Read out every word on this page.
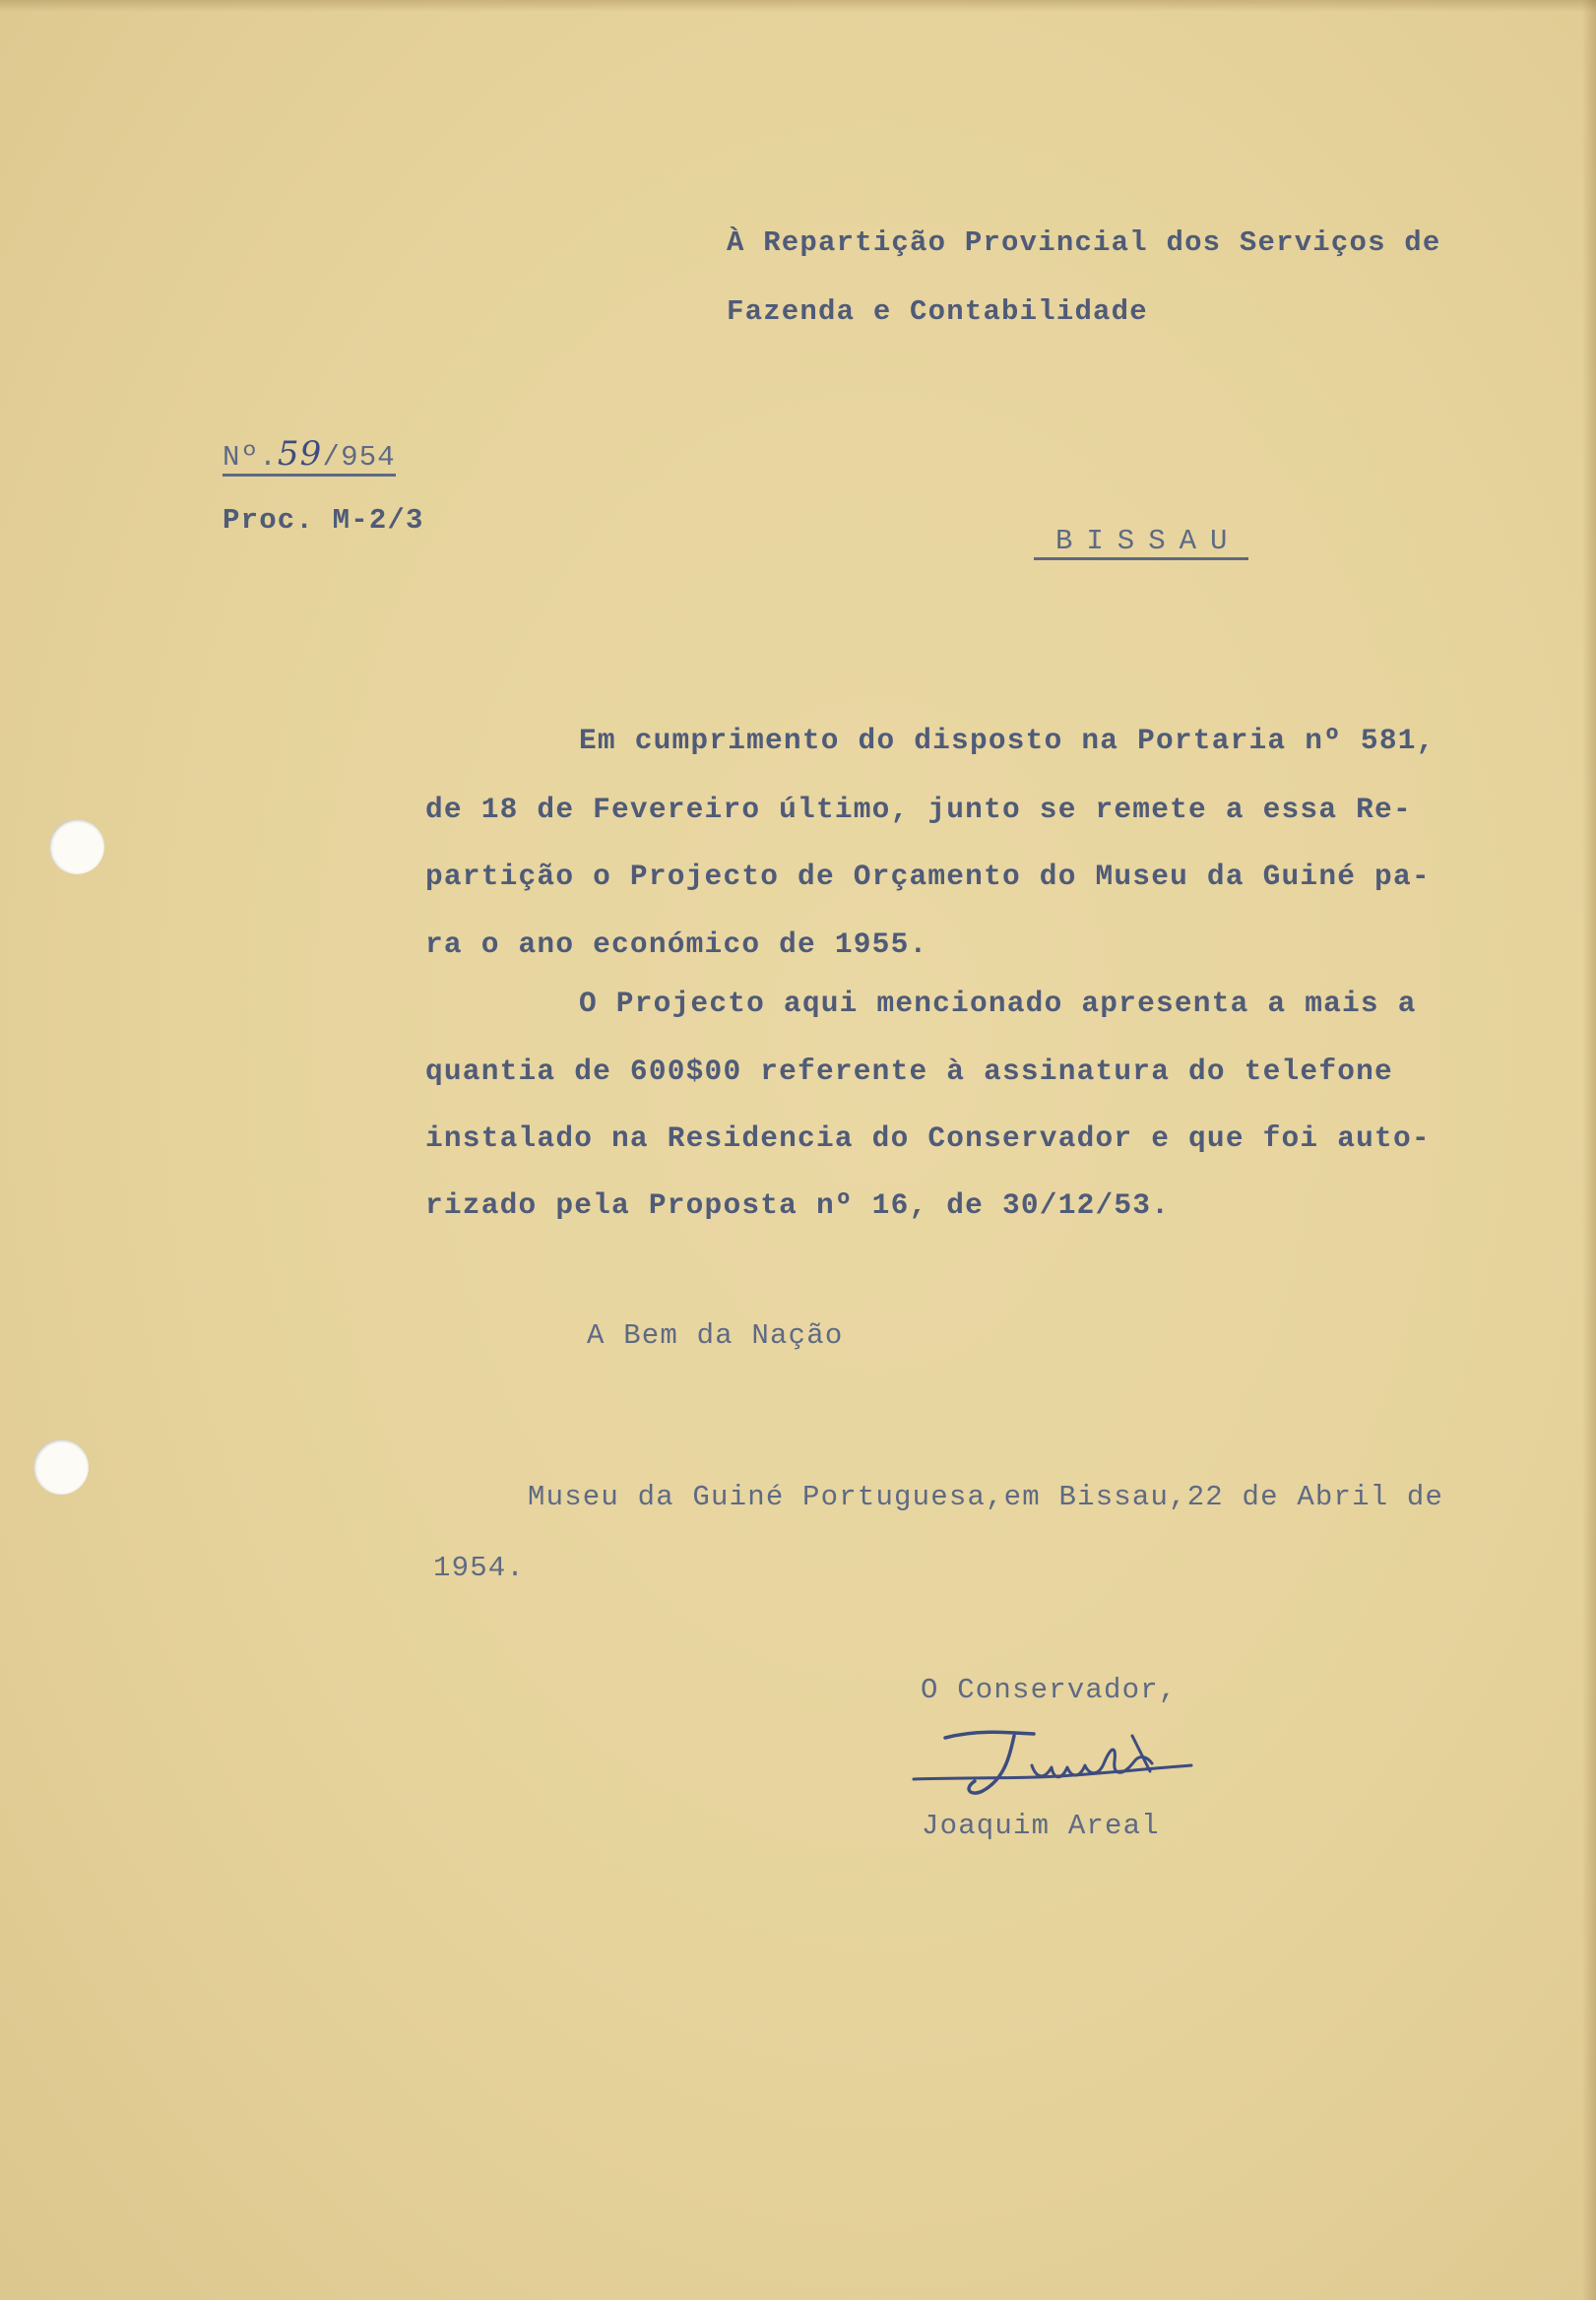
À Repartição Provincial dos Serviços de
Fazenda e Contabilidade
Nº.59/954
Proc. M-2/3
BISSAU
Em cumprimento do disposto na Portaria nº 581,
de 18 de Fevereiro último, junto se remete a essa Re-
partição o Projecto de Orçamento do Museu da Guiné pa-
ra o ano económico de 1955.
O Projecto aqui mencionado apresenta a mais a
quantia de 600$00 referente à assinatura do telefone
instalado na Residencia do Conservador e que foi auto-
rizado pela Proposta nº 16, de 30/12/53.
A Bem da Nação
Museu da Guiné Portuguesa,em Bissau,22 de Abril de
1954.
O Conservador,
Joaquim Areal
